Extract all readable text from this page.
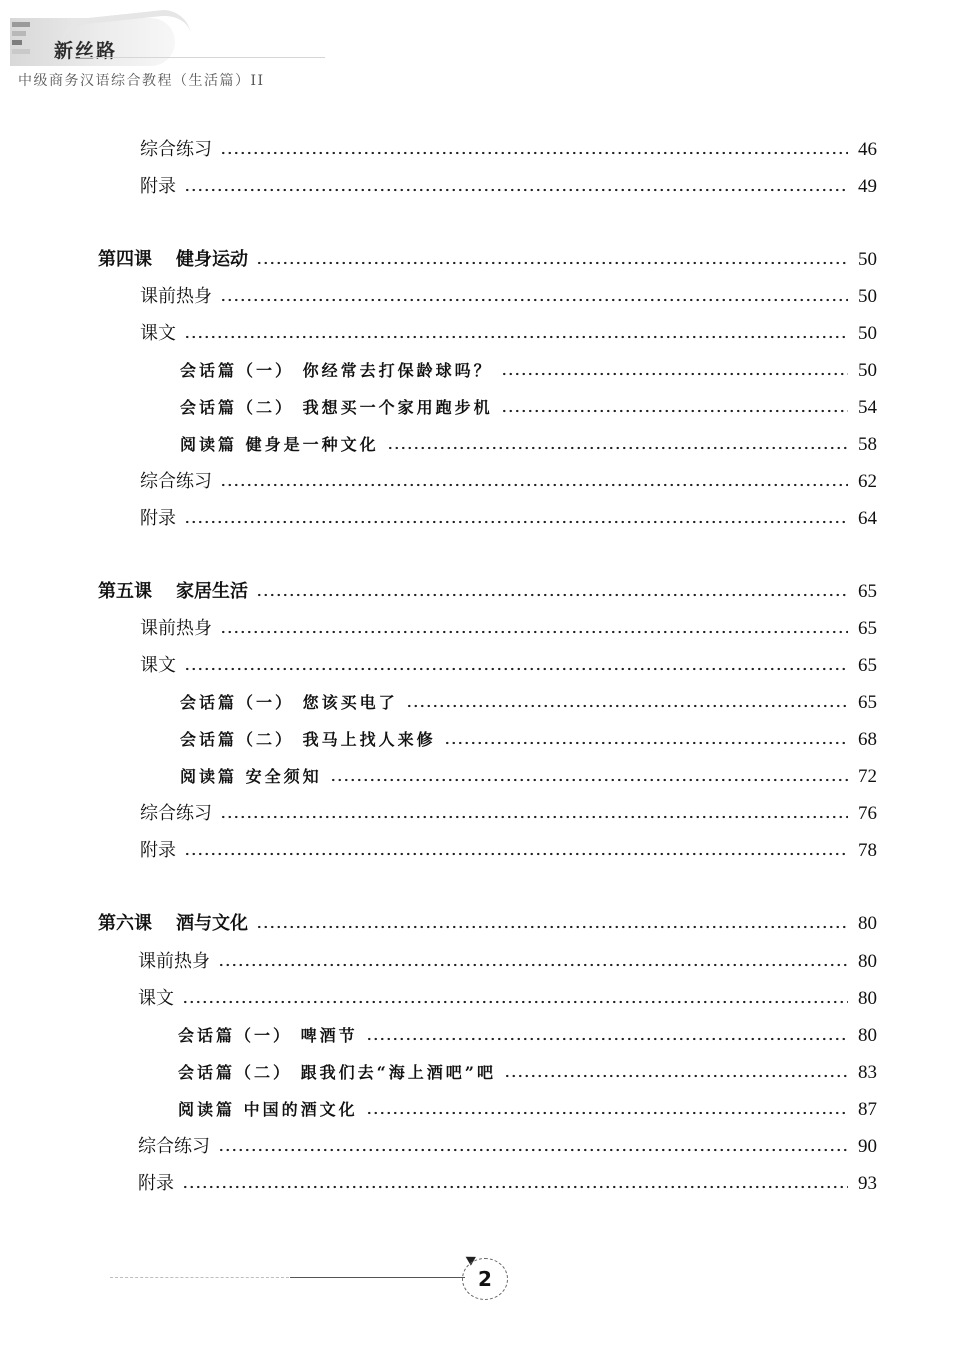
新丝路
中级商务汉语综合教程（生活篇）II
综合练习	46
附录	49
第四课 健身运动	50
课前热身	50
课文	50
会话篇（一） 你经常去打保龄球吗？	50
会话篇（二） 我想买一个家用跑步机	54
阅读篇 健身是一种文化	58
综合练习	62
附录	64
第五课 家居生活	65
课前热身	65
课文	65
会话篇（一） 您该买电了	65
会话篇（二） 我马上找人来修	68
阅读篇 安全须知	72
综合练习	76
附录	78
第六课 酒与文化	80
课前热身	80
课文	80
会话篇（一） 啤酒节	80
会话篇（二） 跟我们去“海上酒吧”吧	83
阅读篇 中国的酒文化	87
综合练习	90
附录	93
2
